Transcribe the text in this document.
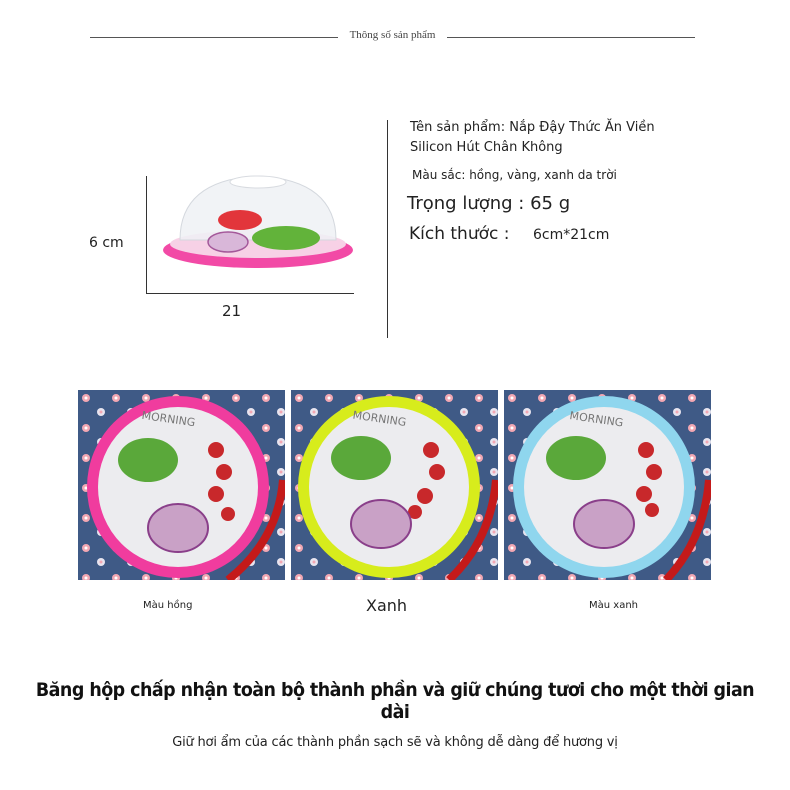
Thông số sản phẩm
6 cm
21
Tên sản phẩm: Nắp Đậy Thức Ăn Viền
Silicon Hút Chân Không
Màu sắc: hồng, vàng, xanh da trời
Trọng lượng : 65 g
Kích thước : 6cm*21cm
MORNING	MORNING	MORNING
Màu hồng	Xanh	Màu xanh
Băng hộp chấp nhận toàn bộ thành phần và giữ chúng tươi cho một thời gian dài
Giữ hơi ẩm của các thành phần sạch sẽ và không dễ dàng để hương vị
